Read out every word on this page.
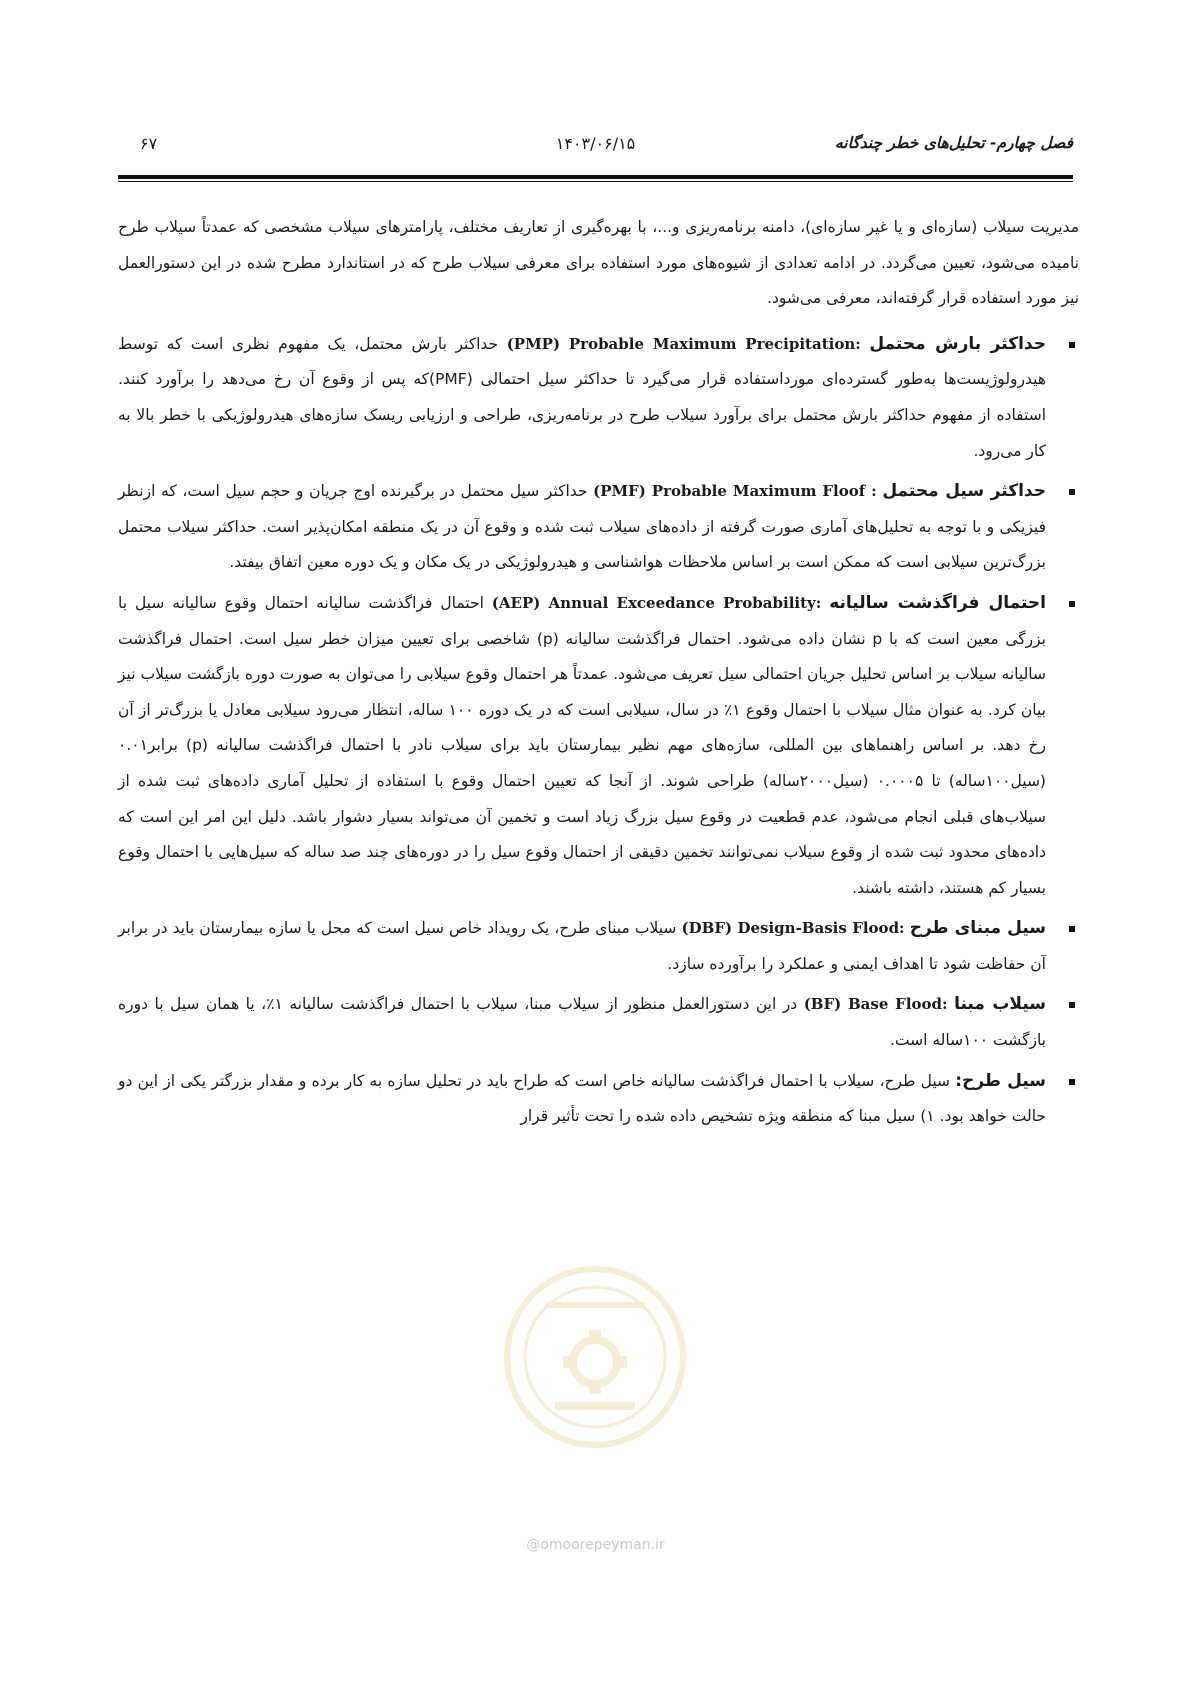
فصل چهارم- تحلیل‌های خطر چندگانه
۱۴۰۳/۰۶/۱۵
۶۷

مدیریت سیلاب (سازه‌ای و یا غیر سازه‌ای)، دامنه برنامه‌ریزی و...، با بهره‌گیری از تعاریف مختلف، پارامترهای سیلاب مشخصی که عمدتاً سیلاب طرح نامیده می‌شود، تعیین می‌گردد. در ادامه تعدادی از شیوه‌های مورد استفاده برای معرفی سیلاب طرح که در استاندارد مطرح شده در این دستورالعمل نیز مورد استفاده قرار گرفته‌اند، معرفی می‌شود.

حداکثر بارش محتمل (PMP) Probable Maximum Precipitation: حداکثر بارش محتمل، یک مفهوم نظری است که توسط هیدرولوژیست‌ها به‌طور گسترده‌ای مورداستفاده قرار می‌گیرد تا حداکثر سیل احتمالی (PMF)که پس از وقوع آن رخ می‌دهد را برآورد کنند. استفاده از مفهوم حداکثر بارش محتمل برای برآورد سیلاب طرح در برنامه‌ریزی، طراحی و ارزیابی ریسک سازه‌های هیدرولوژیکی با خطر بالا به کار می‌رود.
حداکثر سیل محتمل (PMF) Probable Maximum Floof : حداکثر سیل محتمل در برگیرنده اوج جریان و حجم سیل است، که ازنظر فیزیکی و با توجه به تحلیل‌های آماری صورت گرفته از داده‌های سیلاب ثبت شده و وقوع آن در یک منطقه امکان‌پذیر است. حداکثر سیلاب محتمل بزرگ‌ترین سیلابی است که ممکن است بر اساس ملاحظات هواشناسی و هیدرولوژیکی در یک مکان و یک دوره معین اتفاق بیفتد.
احتمال فراگذشت سالیانه (AEP) Annual Exceedance Probability: احتمال فراگذشت سالیانه احتمال وقوع سالیانه سیل با بزرگی معین است که با p نشان داده می‌شود. احتمال فراگذشت سالیانه (p) شاخصی برای تعیین میزان خطر سیل است. احتمال فراگذشت سالیانه سیلاب بر اساس تحلیل جریان احتمالی سیل تعریف می‌شود. عمدتاً هر احتمال وقوع سیلابی را می‌توان به صورت دوره بازگشت سیلاب نیز بیان کرد. به عنوان مثال سیلاب با احتمال وقوع ۱٪ در سال، سیلابی است که در یک دوره ۱۰۰ ساله، انتظار می‌رود سیلابی معادل یا بزرگ‌تر از آن رخ دهد. بر اساس راهنماهای بین المللی، سازه‌های مهم نظیر بیمارستان باید برای سیلاب نادر با احتمال فراگذشت سالیانه (p) برابر۰.۰۱ (سیل۱۰۰ساله) تا ۰.۰۰۰۵ (سیل۲۰۰۰ساله) طراحی شوند. از آنجا که تعیین احتمال وقوع با استفاده از تحلیل آماری داده‌های ثبت شده از سیلاب‌های قبلی انجام می‌شود، عدم قطعیت در وقوع سیل بزرگ زیاد است و تخمین آن می‌تواند بسیار دشوار باشد. دلیل این امر این است که داده‌های محدود ثبت شده از وقوع سیلاب نمی‌توانند تخمین دقیقی از احتمال وقوع سیل را در دوره‌های چند صد ساله که سیل‌هایی با احتمال وقوع بسیار کم هستند، داشته باشند.
سیل مبنای طرح (DBF) Design-Basis Flood: سیلاب مبنای طرح، یک رویداد خاص سیل است که محل یا سازه بیمارستان باید در برابر آن حفاظت شود تا اهداف ایمنی و عملکرد را برآورده سازد.
سیلاب مبنا (BF) Base Flood: در این دستورالعمل منظور از سیلاب مبنا، سیلاب با احتمال فراگذشت سالیانه ۱٪، یا همان سیل با دوره بازگشت ۱۰۰ساله است.
سیل طرح: سیل طرح، سیلاب با احتمال فراگذشت سالیانه خاص است که طراح باید در تحلیل سازه به کار برده و مقدار بزرگتر یکی از این دو حالت خواهد بود. ۱) سیل مبنا که منطقه ویژه تشخیص داده شده را تحت تأثیر قرار
@omoorepeyman.ir
